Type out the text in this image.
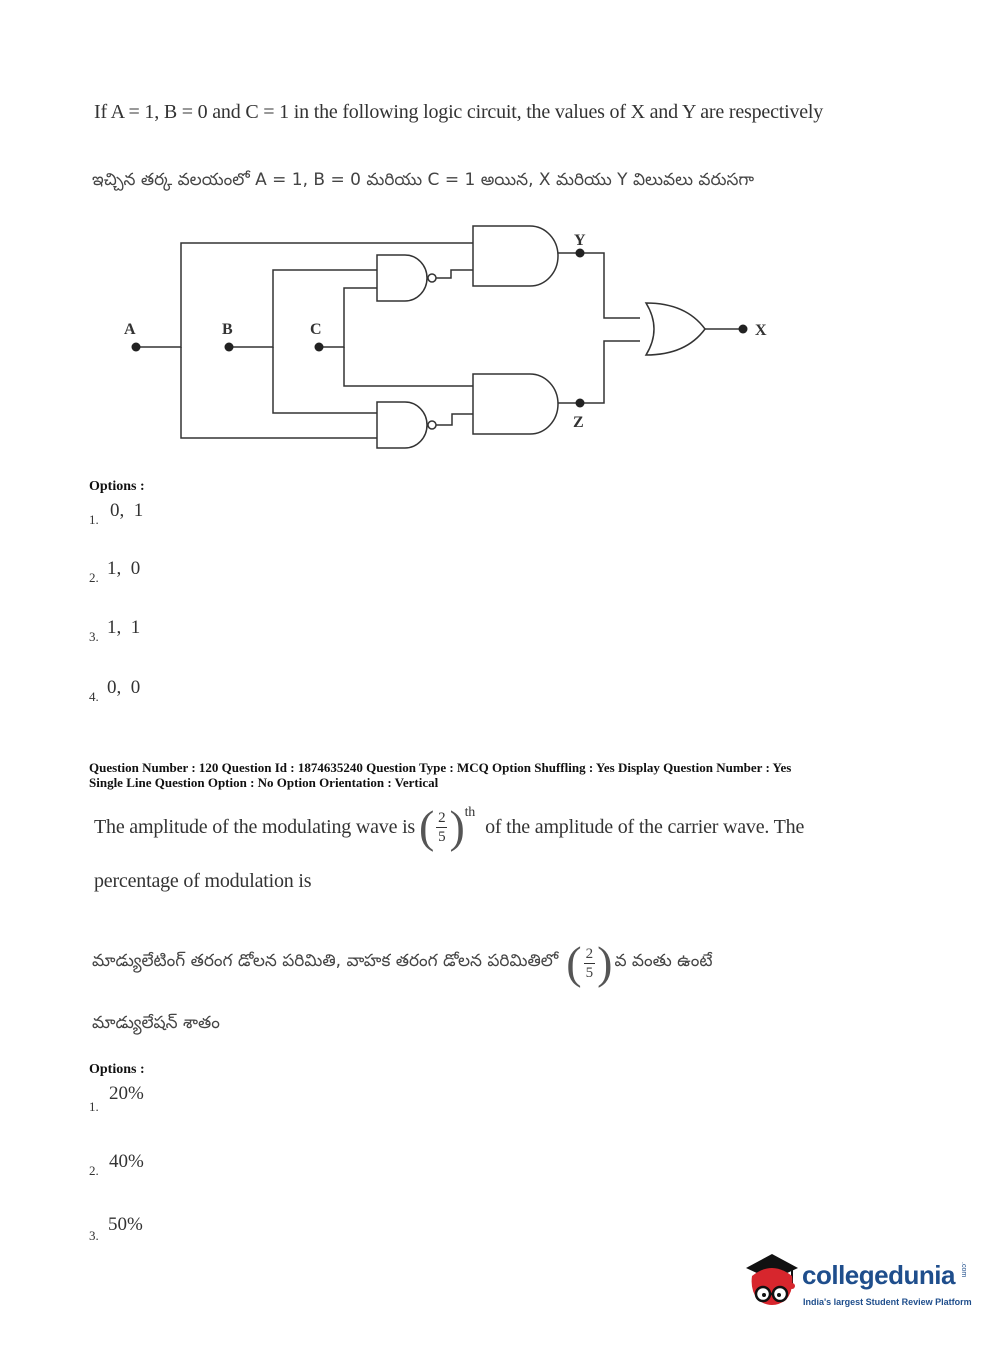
If A = 1, B = 0 and C = 1 in the following logic circuit, the values of X and Y are respectively
ఇచ్చిన తర్క వలయంలో A = 1, B = 0 మరియు C = 1 అయిన, X మరియు Y విలువలు వరుసగా
A	B	C
Y
Z
X
Options :
1. 0,  1
2. 1,  0
3. 1,  1
4. 0,  0
Question Number : 120 Question Id : 1874635240 Question Type : MCQ Option Shuffling : Yes Display Question Number : Yes
Single Line Question Option : No Option Orientation : Vertical
The amplitude of the modulating wave is ( $\frac{2}{5} )^{th}$
of the amplitude of the carrier wave. The
percentage of modulation is
మాడ్యులేటింగ్ తరంగ డోలన పరిమితి, వాహక తరంగ డోలన పరిమితిలో ( $\frac{2}{5}$ ) వ వంతు ఉంటే
మాడ్యులేషన్ శాతం
Options :
1.
20%
2. 40%
3.
50%
collegedunia .com
India's largest Student Review Platform
